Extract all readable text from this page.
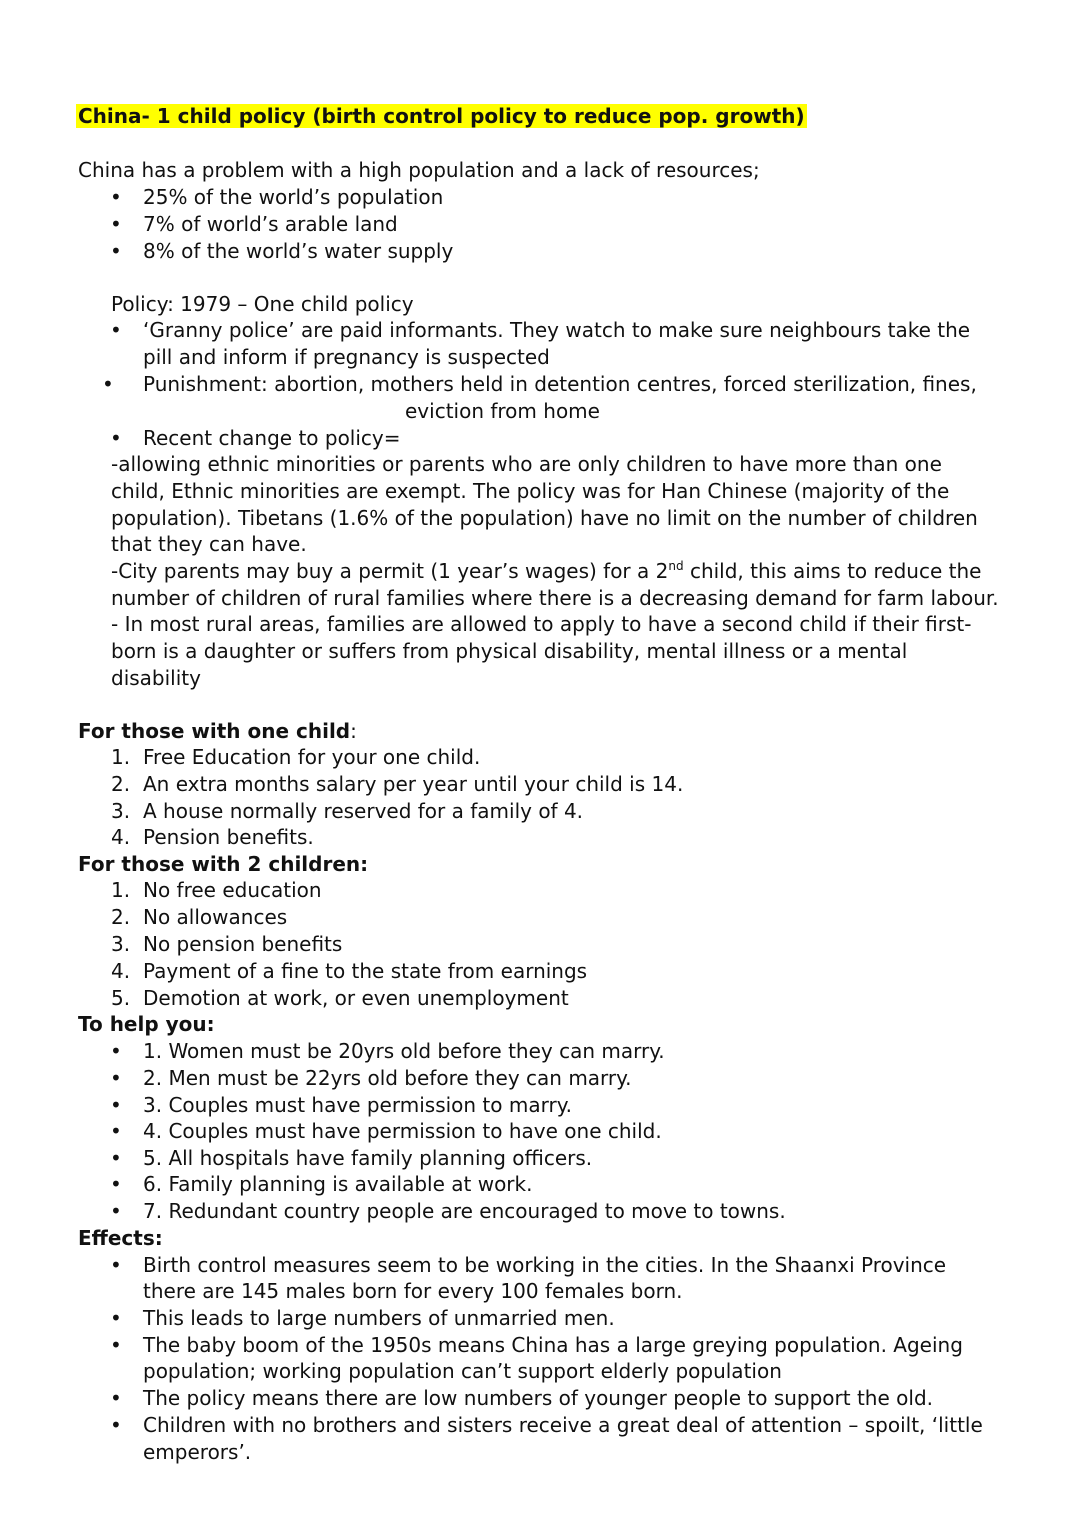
China- 1 child policy (birth control policy to reduce pop. growth)
China has a problem with a high population and a lack of resources;
• 25% of the world’s population
• 7% of world’s arable land
• 8% of the world’s water supply
Policy: 1979 – One child policy
• ‘Granny police’ are paid informants. They watch to make sure neighbours take the
pill and inform if pregnancy is suspected
• Punishment: abortion, mothers held in detention centres, forced sterilization, fines,
eviction from home
• Recent change to policy=
-allowing ethnic minorities or parents who are only children to have more than one
child, Ethnic minorities are exempt. The policy was for Han Chinese (majority of the
population). Tibetans (1.6% of the population) have no limit on the number of children
that they can have.
-City parents may buy a permit (1 year’s wages) for a 2nd child, this aims to reduce the
number of children of rural families where there is a decreasing demand for farm labour.
- In most rural areas, families are allowed to apply to have a second child if their first-
born is a daughter or suffers from physical disability, mental illness or a mental
disability
For those with one child:
1. Free Education for your one child.
2. An extra months salary per year until your child is 14.
3. A house normally reserved for a family of 4.
4. Pension benefits.
For those with 2 children:
1. No free education
2. No allowances
3. No pension benefits
4. Payment of a fine to the state from earnings
5. Demotion at work, or even unemployment
To help you:
• 1. Women must be 20yrs old before they can marry.
• 2. Men must be 22yrs old before they can marry.
• 3. Couples must have permission to marry.
• 4. Couples must have permission to have one child.
• 5. All hospitals have family planning officers.
• 6. Family planning is available at work.
• 7. Redundant country people are encouraged to move to towns.
Effects:
• Birth control measures seem to be working in the cities. In the Shaanxi Province
there are 145 males born for every 100 females born.
• This leads to large numbers of unmarried men.
• The baby boom of the 1950s means China has a large greying population. Ageing
population; working population can’t support elderly population
• The policy means there are low numbers of younger people to support the old.
• Children with no brothers and sisters receive a great deal of attention – spoilt, ‘little
emperors’.
